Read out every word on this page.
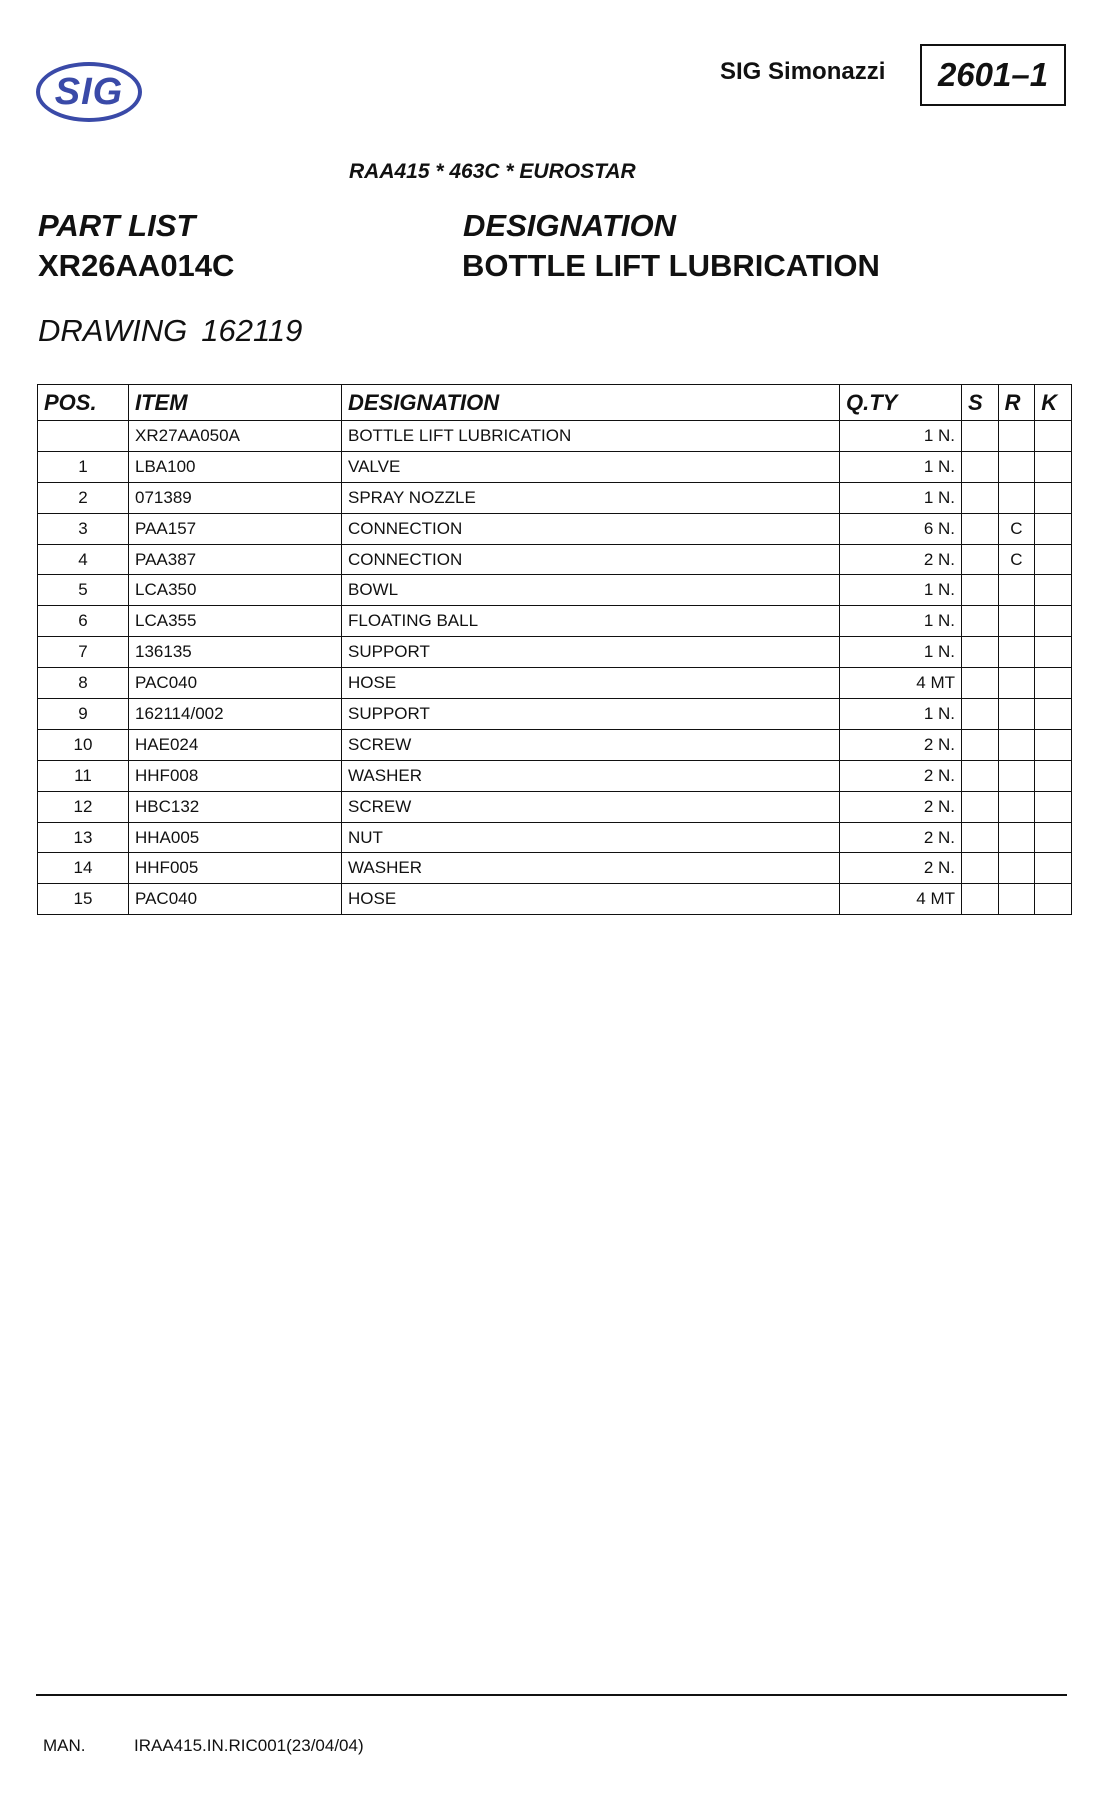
SIG	SIG Simonazzi 2601–1
RAA415 * 463C * EUROSTAR
PART LIST	DESIGNATION
XR26AA014C	BOTTLE LIFT LUBRICATION
DRAWING 162119
POS.	ITEM	DESIGNATION	Q.TY	S	R	K
	XR27AA050A	BOTTLE LIFT LUBRICATION	1 N.			
1	LBA100	VALVE	1 N.			
2	071389	SPRAY NOZZLE	1 N.			
3	PAA157	CONNECTION	6 N.		C	
4	PAA387	CONNECTION	2 N.		C	
5	LCA350	BOWL	1 N.			
6	LCA355	FLOATING BALL	1 N.			
7	136135	SUPPORT	1 N.			
8	PAC040	HOSE	4 MT			
9	162114/002	SUPPORT	1 N.			
10	HAE024	SCREW	2 N.			
11	HHF008	WASHER	2 N.			
12	HBC132	SCREW	2 N.			
13	HHA005	NUT	2 N.			
14	HHF005	WASHER	2 N.			
15	PAC040	HOSE	4 MT			
MAN.	IRAA415.IN.RIC001(23/04/04)
